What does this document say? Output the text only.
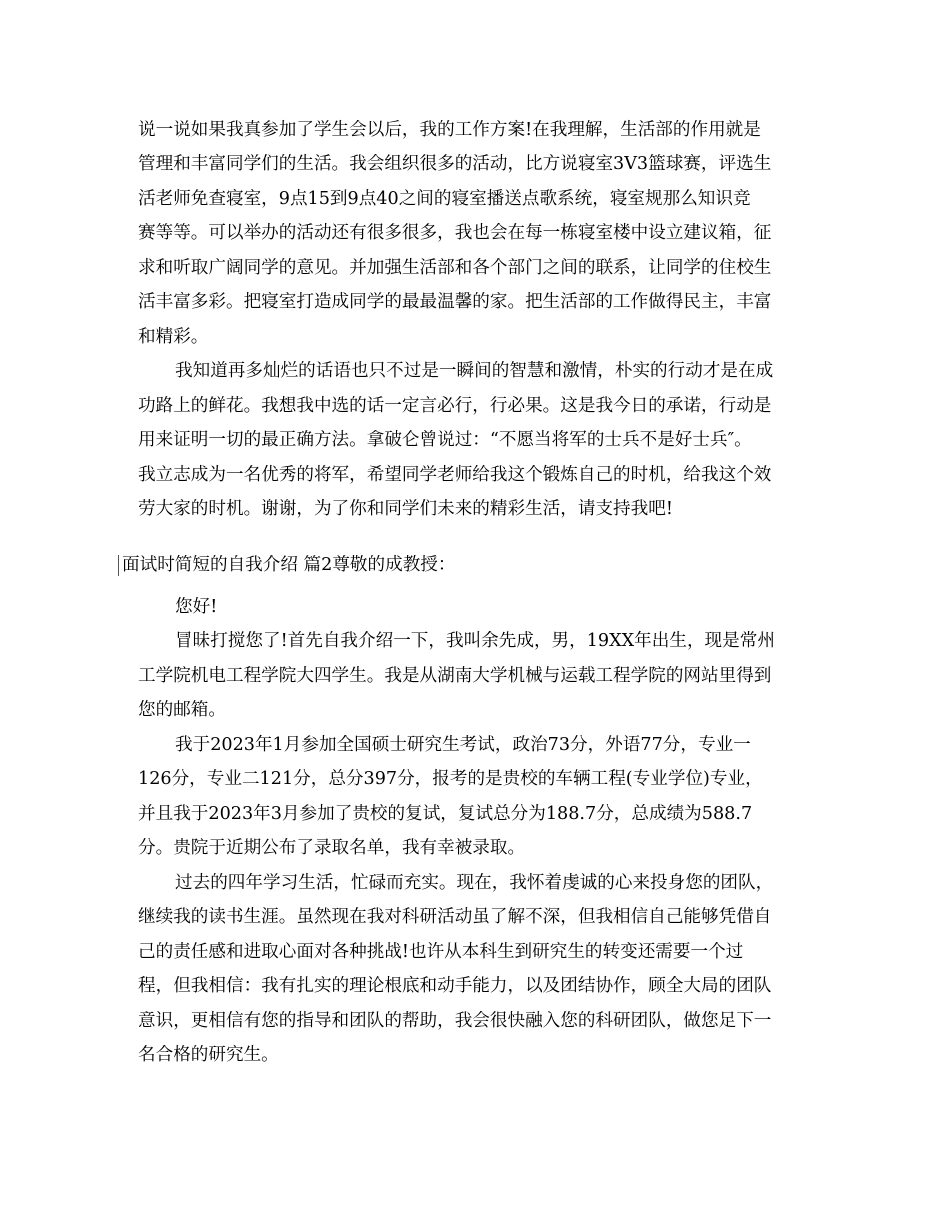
说一说如果我真参加了学生会以后，我的工作方案!在我理解，生活部的作用就是
管理和丰富同学们的生活。我会组织很多的活动，比方说寝室3V3篮球赛，评选生
活老师免查寝室，9点15到9点40之间的寝室播送点歌系统，寝室规那么知识竞
赛等等。可以举办的活动还有很多很多，我也会在每一栋寝室楼中设立建议箱，征
求和听取广阔同学的意见。并加强生活部和各个部门之间的联系，让同学的住校生
活丰富多彩。把寝室打造成同学的最最温馨的家。把生活部的工作做得民主，丰富
和精彩。
我知道再多灿烂的话语也只不过是一瞬间的智慧和激情，朴实的行动才是在成
功路上的鲜花。我想我中选的话一定言必行，行必果。这是我今日的承诺，行动是
用来证明一切的最正确方法。拿破仑曾说过：“不愿当将军的士兵不是好士兵″。
我立志成为一名优秀的将军，希望同学老师给我这个锻炼自己的时机，给我这个效
劳大家的时机。谢谢，为了你和同学们未来的精彩生活，请支持我吧!
面试时简短的自我介绍 篇2尊敬的成教授：
您好!
冒昧打搅您了!首先自我介绍一下，我叫余先成，男，19XX年出生，现是常州
工学院机电工程学院大四学生。我是从湖南大学机械与运载工程学院的网站里得到
您的邮箱。
我于2023年1月参加全国硕士研究生考试，政治73分，外语77分，专业一
126分，专业二121分，总分397分，报考的是贵校的车辆工程(专业学位)专业，
并且我于2023年3月参加了贵校的复试，复试总分为188.7分，总成绩为588.7
分。贵院于近期公布了录取名单，我有幸被录取。
过去的四年学习生活，忙碌而充实。现在，我怀着虔诚的心来投身您的团队，
继续我的读书生涯。虽然现在我对科研活动虽了解不深，但我相信自己能够凭借自
己的责任感和进取心面对各种挑战!也许从本科生到研究生的转变还需要一个过
程，但我相信：我有扎实的理论根底和动手能力，以及团结协作，顾全大局的团队
意识，更相信有您的指导和团队的帮助，我会很快融入您的科研团队，做您足下一
名合格的研究生。
